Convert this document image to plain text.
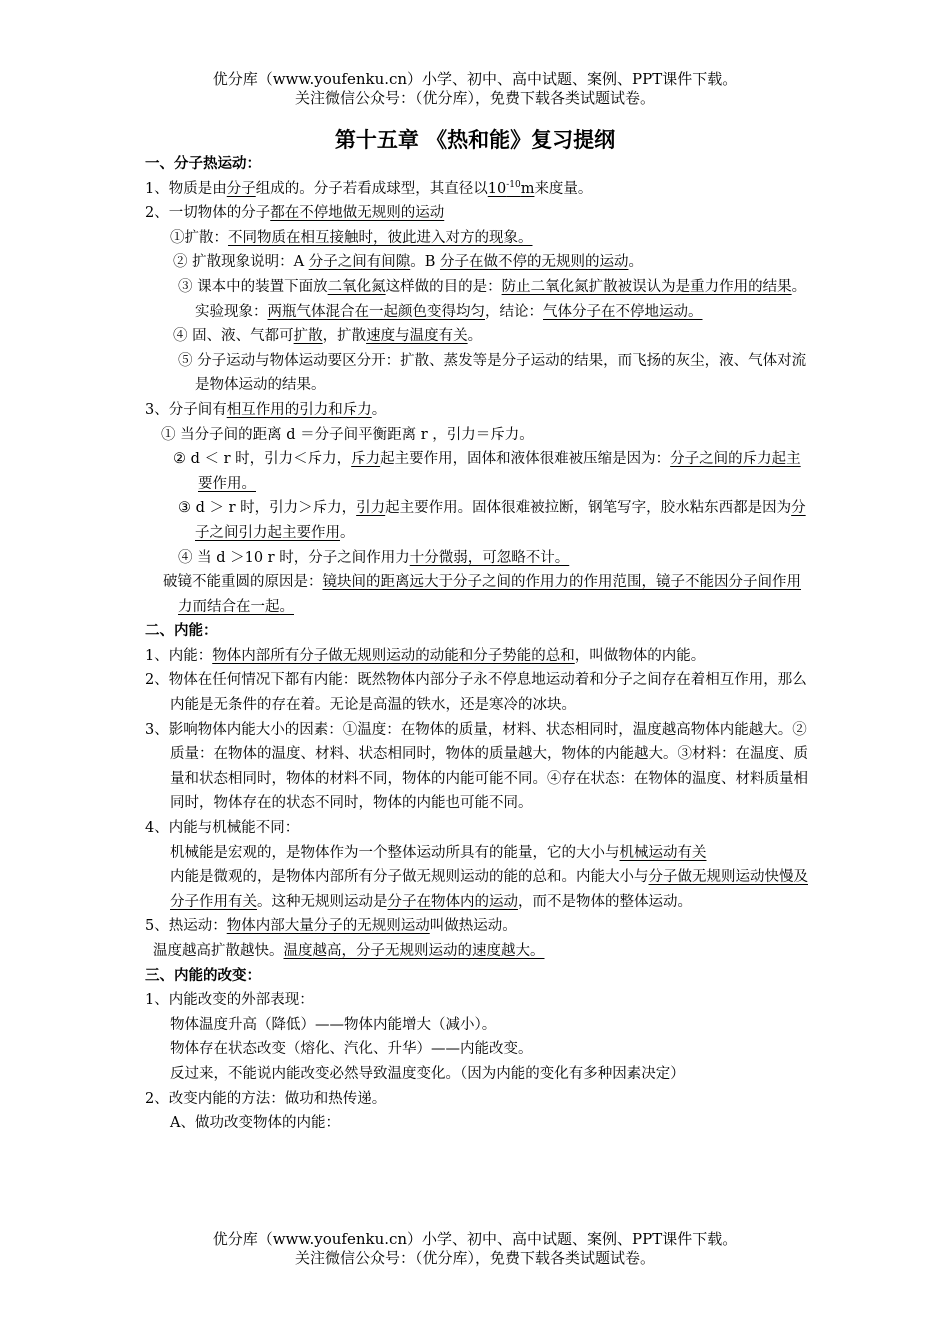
优分库（www.youfenku.cn）小学、初中、高中试题、案例、PPT课件下载。
关注微信公众号：（优分库），免费下载各类试题试卷。
第十五章 《热和能》复习提纲

一、分子热运动：

1、物质是由分子组成的。分子若看成球型，其直径以$10^{-10}m$来度量。

2、一切物体的分子都在不停地做无规则的运动

①扩散：不同物质在相互接触时，彼此进入对方的现象。

② 扩散现象说明：A 分子之间有间隙。B 分子在做不停的无规则的运动。

③ 课本中的装置下面放二氧化氮这样做的目的是：防止二氧化氮扩散被误认为是重力作用的结果。实验现象：两瓶气体混合在一起颜色变得均匀，结论：气体分子在不停地运动。

④ 固、液、气都可扩散，扩散速度与温度有关。

⑤ 分子运动与物体运动要区分开：扩散、蒸发等是分子运动的结果，而飞扬的灰尘，液、气体对流是物体运动的结果。

3、分子间有相互作用的引力和斥力。

① 当分子间的距离 d ＝分子间平衡距离 r ，引力＝斥力。

② d ＜ r 时，引力＜斥力，斥力起主要作用，固体和液体很难被压缩是因为：分子之间的斥力起主要作用。

③ d ＞ r 时，引力＞斥力，引力起主要作用。固体很难被拉断，钢笔写字，胶水粘东西都是因为分子之间引力起主要作用。

④ 当 d ＞10 r 时，分子之间作用力十分微弱，可忽略不计。

破镜不能重圆的原因是：镜块间的距离远大于分子之间的作用力的作用范围，镜子不能因分子间作用力而结合在一起。

二、内能：

1、内能：物体内部所有分子做无规则运动的动能和分子势能的总和，叫做物体的内能。

2、物体在任何情况下都有内能：既然物体内部分子永不停息地运动着和分子之间存在着相互作用，那么内能是无条件的存在着。无论是高温的铁水，还是寒冷的冰块。

3、影响物体内能大小的因素：①温度：在物体的质量，材料、状态相同时，温度越高物体内能越大。②质量：在物体的温度、材料、状态相同时，物体的质量越大，物体的内能越大。③材料：在温度、质量和状态相同时，物体的材料不同，物体的内能可能不同。④存在状态：在物体的温度、材料质量相同时，物体存在的状态不同时，物体的内能也可能不同。

4、内能与机械能不同：

机械能是宏观的，是物体作为一个整体运动所具有的能量，它的大小与机械运动有关

内能是微观的，是物体内部所有分子做无规则运动的能的总和。内能大小与分子做无规则运动快慢及分子作用有关。这种无规则运动是分子在物体内的运动，而不是物体的整体运动。

5、热运动：物体内部大量分子的无规则运动叫做热运动。

温度越高扩散越快。温度越高，分子无规则运动的速度越大。

三、内能的改变：

1、内能改变的外部表现：

物体温度升高（降低）——物体内能增大（减小）。

物体存在状态改变（熔化、汽化、升华）——内能改变。

反过来，不能说内能改变必然导致温度变化。（因为内能的变化有多种因素决定）

2、改变内能的方法：做功和热传递。

A、做功改变物体的内能：

优分库（www.youfenku.cn）小学、初中、高中试题、案例、PPT课件下载。
关注微信公众号：（优分库），免费下载各类试题试卷。
